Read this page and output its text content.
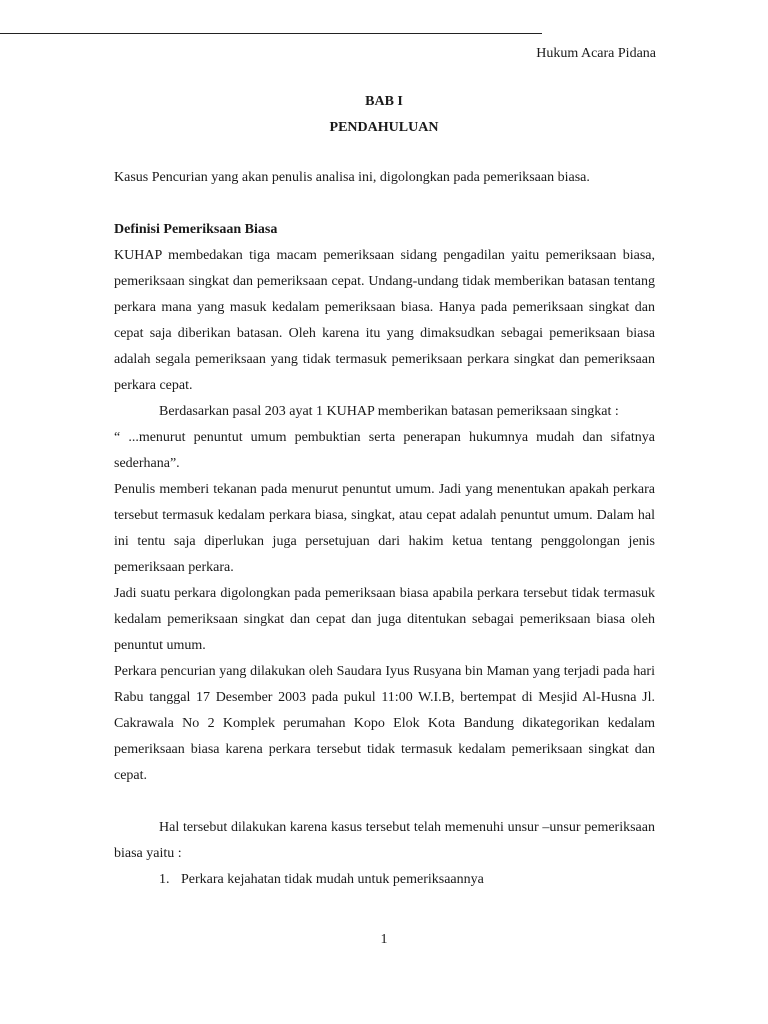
Hukum Acara Pidana
BAB I
PENDAHULUAN

Kasus Pencurian yang akan penulis analisa ini, digolongkan pada pemeriksaan biasa.

Definisi Pemeriksaan Biasa

KUHAP membedakan tiga macam pemeriksaan sidang pengadilan yaitu pemeriksaan biasa, pemeriksaan singkat dan pemeriksaan cepat. Undang-undang tidak memberikan batasan tentang perkara mana yang masuk kedalam pemeriksaan biasa. Hanya pada pemeriksaan singkat dan cepat saja diberikan batasan. Oleh karena itu yang dimaksudkan sebagai pemeriksaan biasa adalah segala pemeriksaan yang tidak termasuk pemeriksaan perkara singkat dan pemeriksaan perkara cepat.

Berdasarkan pasal 203 ayat 1 KUHAP memberikan batasan pemeriksaan singkat :

“ ...menurut penuntut umum pembuktian serta penerapan hukumnya mudah dan sifatnya sederhana”.

Penulis memberi tekanan pada menurut penuntut umum. Jadi yang menentukan apakah perkara tersebut termasuk kedalam perkara biasa, singkat, atau cepat adalah penuntut umum. Dalam hal ini tentu saja diperlukan juga persetujuan dari hakim ketua tentang penggolongan jenis pemeriksaan perkara.

Jadi suatu perkara digolongkan pada pemeriksaan biasa apabila perkara tersebut tidak termasuk kedalam pemeriksaan singkat dan cepat dan juga ditentukan sebagai pemeriksaan biasa oleh penuntut umum.

Perkara pencurian yang dilakukan oleh Saudara Iyus Rusyana bin Maman yang terjadi pada hari Rabu tanggal 17 Desember 2003 pada pukul 11:00 W.I.B, bertempat di Mesjid Al-Husna Jl. Cakrawala No 2 Komplek perumahan Kopo Elok Kota Bandung dikategorikan kedalam pemeriksaan biasa karena perkara tersebut tidak termasuk kedalam pemeriksaan singkat dan cepat.

Hal tersebut dilakukan karena kasus tersebut telah memenuhi unsur –unsur pemeriksaan biasa yaitu :

1. Perkara kejahatan tidak mudah untuk pemeriksaannya

1
